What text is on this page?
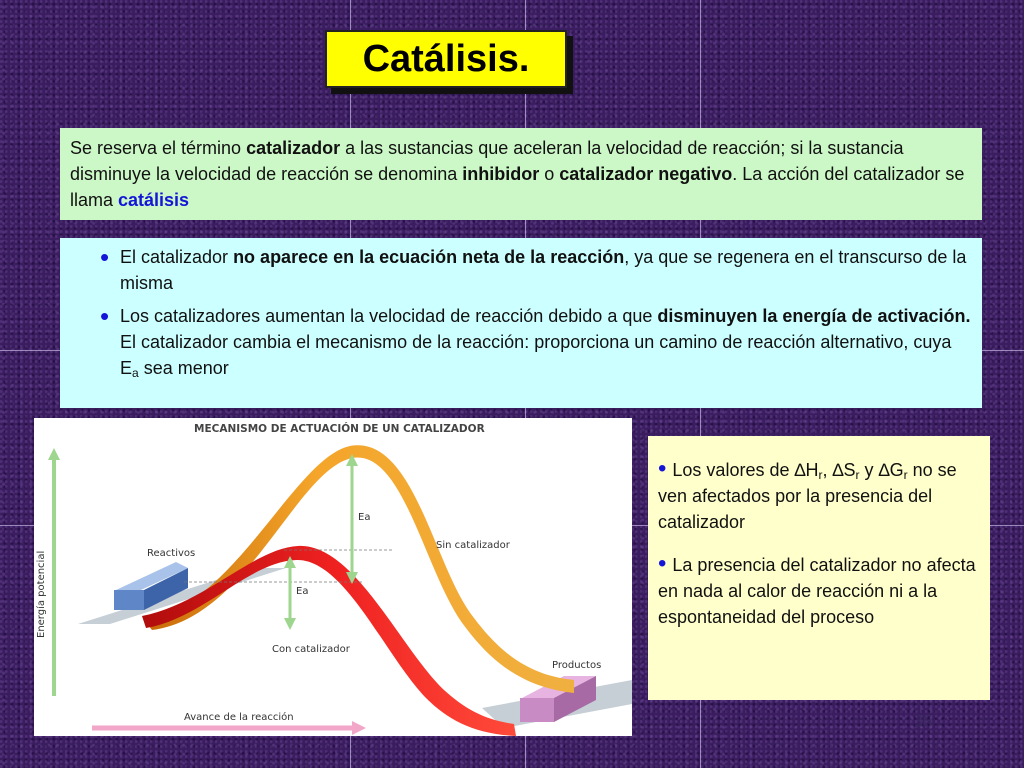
Catálisis.
Se reserva el término catalizador a las sustancias que aceleran la velocidad de reacción; si la sustancia disminuye la velocidad de reacción se denomina inhibidor o catalizador negativo. La acción del catalizador se llama catálisis

• El catalizador no aparece en la ecuación neta de la reacción, ya que se regenera en el transcurso de la misma

• Los catalizadores aumentan la velocidad de reacción debido a que disminuyen la energía de activación. El catalizador cambia el mecanismo de la reacción: proporciona un camino de reacción alternativo, cuya $E_a$ sea menor

MECANISMO DE ACTUACIÓN DE UN CATALIZADOR
Energía potencial
Avance de la reacción
Reactivos
Productos
Sin catalizador
Con catalizador
Ea
Ea

• Los valores de $\Delta H_r$, $\Delta S_r$ y $\Delta G_r$ no se ven afectados por la presencia del catalizador

• La presencia del catalizador no afecta en nada al calor de reacción ni a la espontaneidad del proceso

36
